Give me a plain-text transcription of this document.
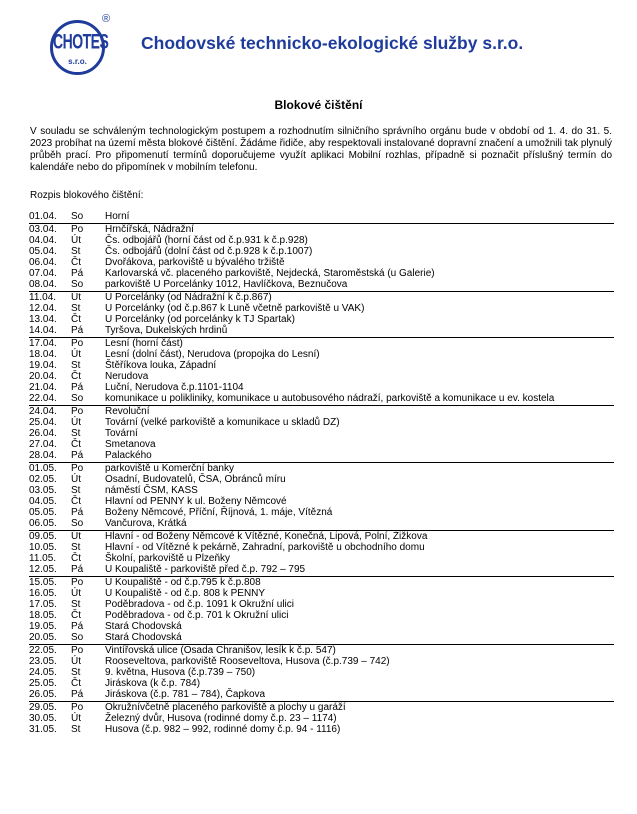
CHOTES
s.r.o.
®
Chodovské technicko-ekologické služby s.r.o.
Blokové čištění
V souladu se schváleným technologickým postupem a rozhodnutím silničního správního orgánu bude v období od 1. 4. do 31. 5. 2023 probíhat na území města blokové čištění. Žádáme řidiče, aby respektovali instalované dopravní značení a umožnili tak plynulý průběh prací. Pro připomenutí termínů doporučujeme využít aplikaci Mobilní rozhlas, případně si poznačit příslušný termín do kalendáře nebo do připomínek v mobilním telefonu.
Rozpis blokového čištění:
01.04. So Horní
03.04. Po Hrnčířská, Nádražní
04.04. Út Čs. odbojářů (horní část od č.p.931 k č.p.928)
05.04. St Čs. odbojářů (dolní část od č.p.928 k č.p.1007)
06.04. Čt Dvořákova, parkoviště u bývalého tržiště
07.04. Pá Karlovarská vč. placeného parkoviště, Nejdecká, Staroměstská (u Galerie)
08.04. So parkoviště U Porcelánky 1012, Havlíčkova, Beznučova
11.04. Út U Porcelánky (od Nádražní k č.p.867)
12.04. St U Porcelánky (od č.p.867 k Luně včetně parkoviště u VAK)
13.04. Čt U Porcelánky (od porcelánky k TJ Spartak)
14.04. Pá Tyršova, Dukelských hrdinů
17.04. Po Lesní (horní část)
18.04. Út Lesní (dolní část), Nerudova (propojka do Lesní)
19.04. St Štěříkova louka, Západní
20.04. Čt Nerudova
21.04. Pá Luční, Nerudova č.p.1101-1104
22.04. So komunikace u polikliniky, komunikace u autobusového nádraží, parkoviště a komunikace u ev. kostela
24.04. Po Revoluční
25.04. Út Tovární (velké parkoviště a komunikace u skladů DZ)
26.04. St Tovární
27.04. Čt Smetanova
28.04. Pá Palackého
01.05. Po parkoviště u Komerční banky
02.05. Út Osadní, Budovatelů, ČSA, Obránců míru
03.05. St náměstí ČSM, KASS
04.05. Čt Hlavní od PENNY k ul. Boženy Němcové
05.05. Pá Boženy Němcové, Příční, Říjnová, 1. máje, Vítězná
06.05. So Vančurova, Krátká
09.05. Út Hlavní - od Boženy Němcové k Vítězné, Konečná, Lipová, Polní, Žižkova
10.05. St Hlavní - od Vítězné k pekárně, Zahradní, parkoviště u obchodního domu
11.05. Čt Školní, parkoviště u Plzeňky
12.05. Pá U Koupaliště - parkoviště před č.p. 792 – 795
15.05. Po U Koupaliště - od č.p.795 k č.p.808
16.05. Út U Koupaliště - od č.p. 808 k PENNY
17.05. St Poděbradova - od č.p. 1091 k Okružní ulici
18.05. Čt Poděbradova - od č.p. 701 k Okružní ulici
19.05. Pá Stará Chodovská
20.05. So Stará Chodovská
22.05. Po Vintířovská ulice (Osada Chranišov, lesík k č.p. 547)
23.05. Út Rooseveltova, parkoviště Rooseveltova, Husova (č.p.739 – 742)
24.05. St 9. května, Husova (č.p.739 – 750)
25.05. Čt Jiráskova (k č.p. 784)
26.05. Pá Jiráskova (č.p. 781 – 784), Čapkova
29.05. Po Okružnívčetně placeného parkoviště a plochy u garáží
30.05. Út Železný dvůr, Husova (rodinné domy č.p. 23 – 1174)
31.05. St Husova (č.p. 982 – 992, rodinné domy č.p. 94 - 1116)
